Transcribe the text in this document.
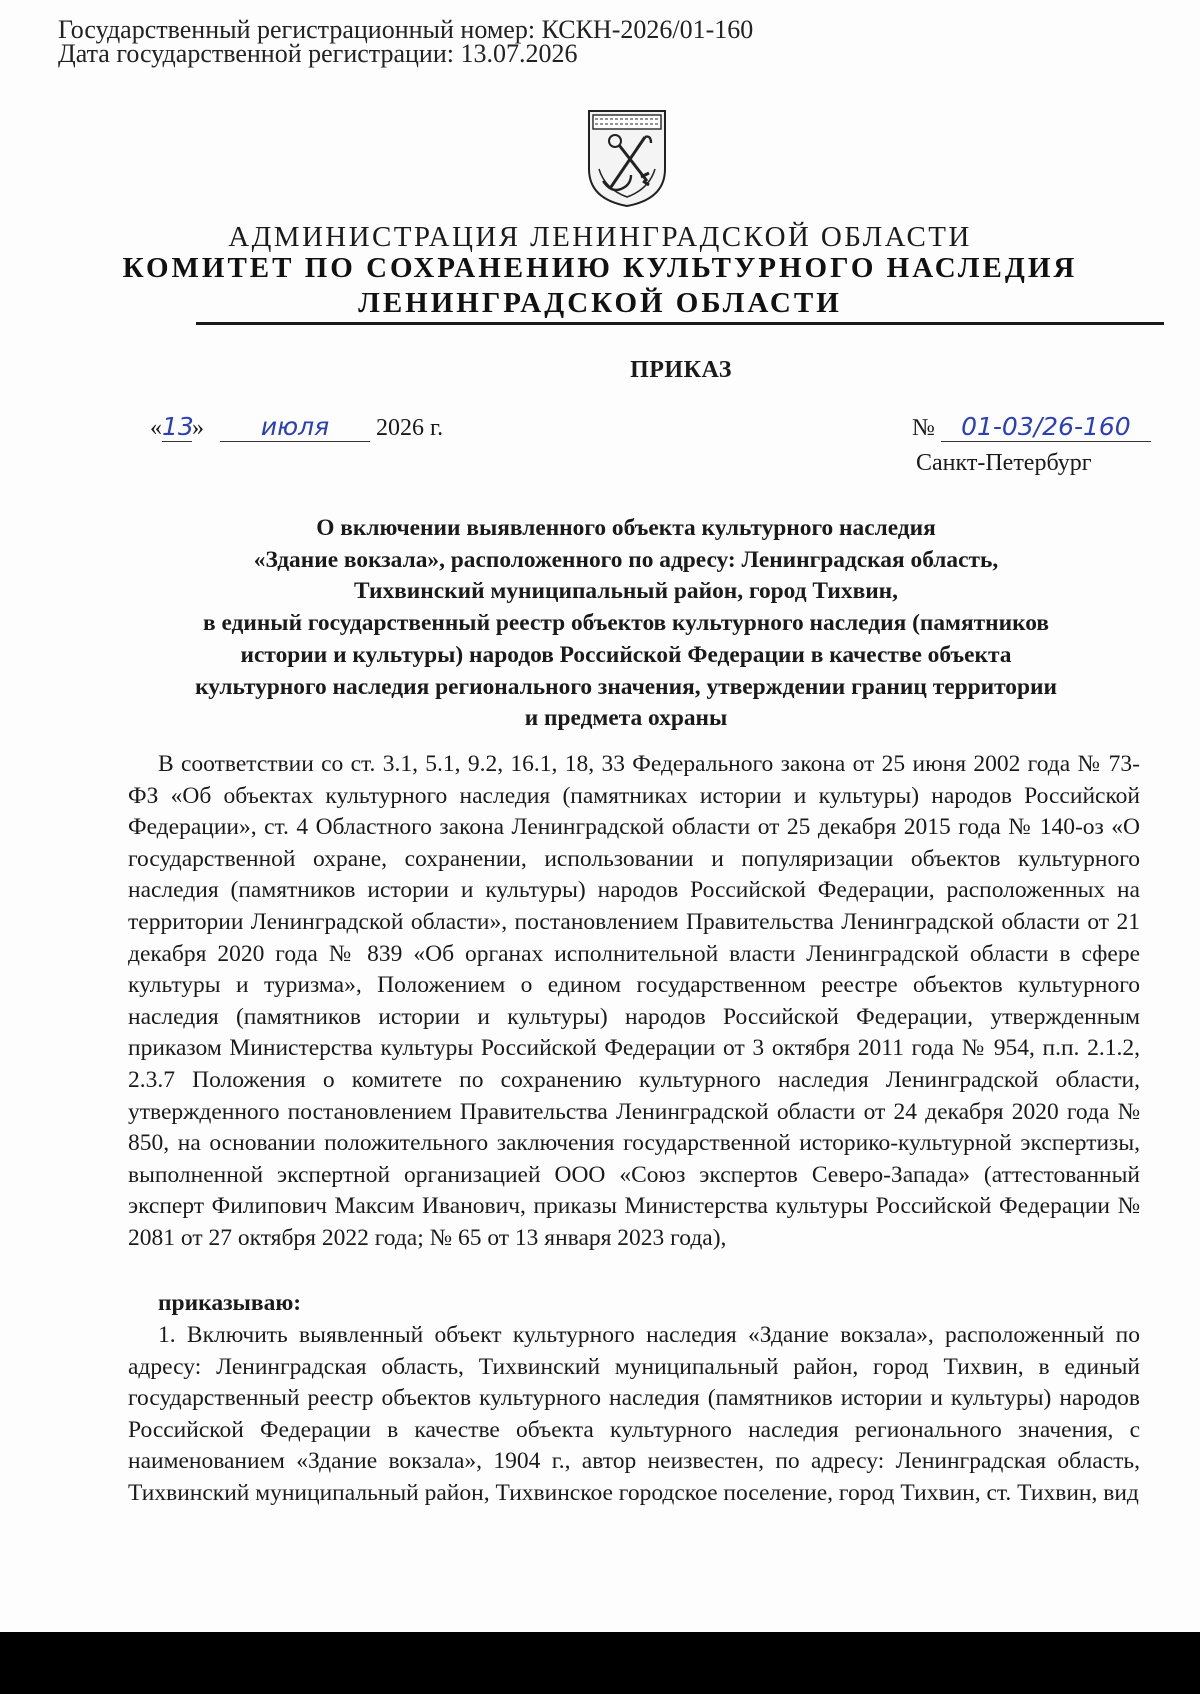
Государственный регистрационный номер: КСКН-2026/01-160
Дата государственной регистрации: 13.07.2026
АДМИНИСТРАЦИЯ ЛЕНИНГРАДСКОЙ ОБЛАСТИ
КОМИТЕТ ПО СОХРАНЕНИЮ КУЛЬТУРНОГО НАСЛЕДИЯ
ЛЕНИНГРАДСКОЙ ОБЛАСТИ
ПРИКАЗ
«13» июля 2026 г.	№ 01-03/26-160
Санкт-Петербург
О включении выявленного объекта культурного наследия
«Здание вокзала», расположенного по адресу: Ленинградская область,
Тихвинский муниципальный район, город Тихвин,
в единый государственный реестр объектов культурного наследия (памятников
истории и культуры) народов Российской Федерации в качестве объекта
культурного наследия регионального значения, утверждении границ территории
и предмета охраны
В соответствии со ст. 3.1, 5.1, 9.2, 16.1, 18, 33 Федерального закона от 25 июня 2002 года № 73-ФЗ «Об объектах культурного наследия (памятниках истории и культуры) народов Российской Федерации», ст. 4 Областного закона Ленинградской области от 25 декабря 2015 года № 140-оз «О государственной охране, сохранении, использовании и популяризации объектов культурного наследия (памятников истории и культуры) народов Российской Федерации, расположенных на территории Ленинградской области», постановлением Правительства Ленинградской области от 21 декабря 2020 года № 839 «Об органах исполнительной власти Ленинградской области в сфере культуры и туризма», Положением о едином государственном реестре объектов культурного наследия (памятников истории и культуры) народов Российской Федерации, утвержденным приказом Министерства культуры Российской Федерации от 3 октября 2011 года № 954, п.п. 2.1.2, 2.3.7 Положения о комитете по сохранению культурного наследия Ленинградской области, утвержденного постановлением Правительства Ленинградской области от 24 декабря 2020 года № 850, на основании положительного заключения государственной историко-культурной экспертизы, выполненной экспертной организацией ООО «Союз экспертов Северо-Запада» (аттестованный эксперт Филипович Максим Иванович, приказы Министерства культуры Российской Федерации № 2081 от 27 октября 2022 года; № 65 от 13 января 2023 года),
приказываю:
1. Включить выявленный объект культурного наследия «Здание вокзала», расположенный по адресу: Ленинградская область, Тихвинский муниципальный район, город Тихвин, в единый государственный реестр объектов культурного наследия (памятников истории и культуры) народов Российской Федерации в качестве объекта культурного наследия регионального значения, с наименованием «Здание вокзала», 1904 г., автор неизвестен, по адресу: Ленинградская область, Тихвинский муниципальный район, Тихвинское городское поселение, город Тихвин, ст. Тихвин, вид
